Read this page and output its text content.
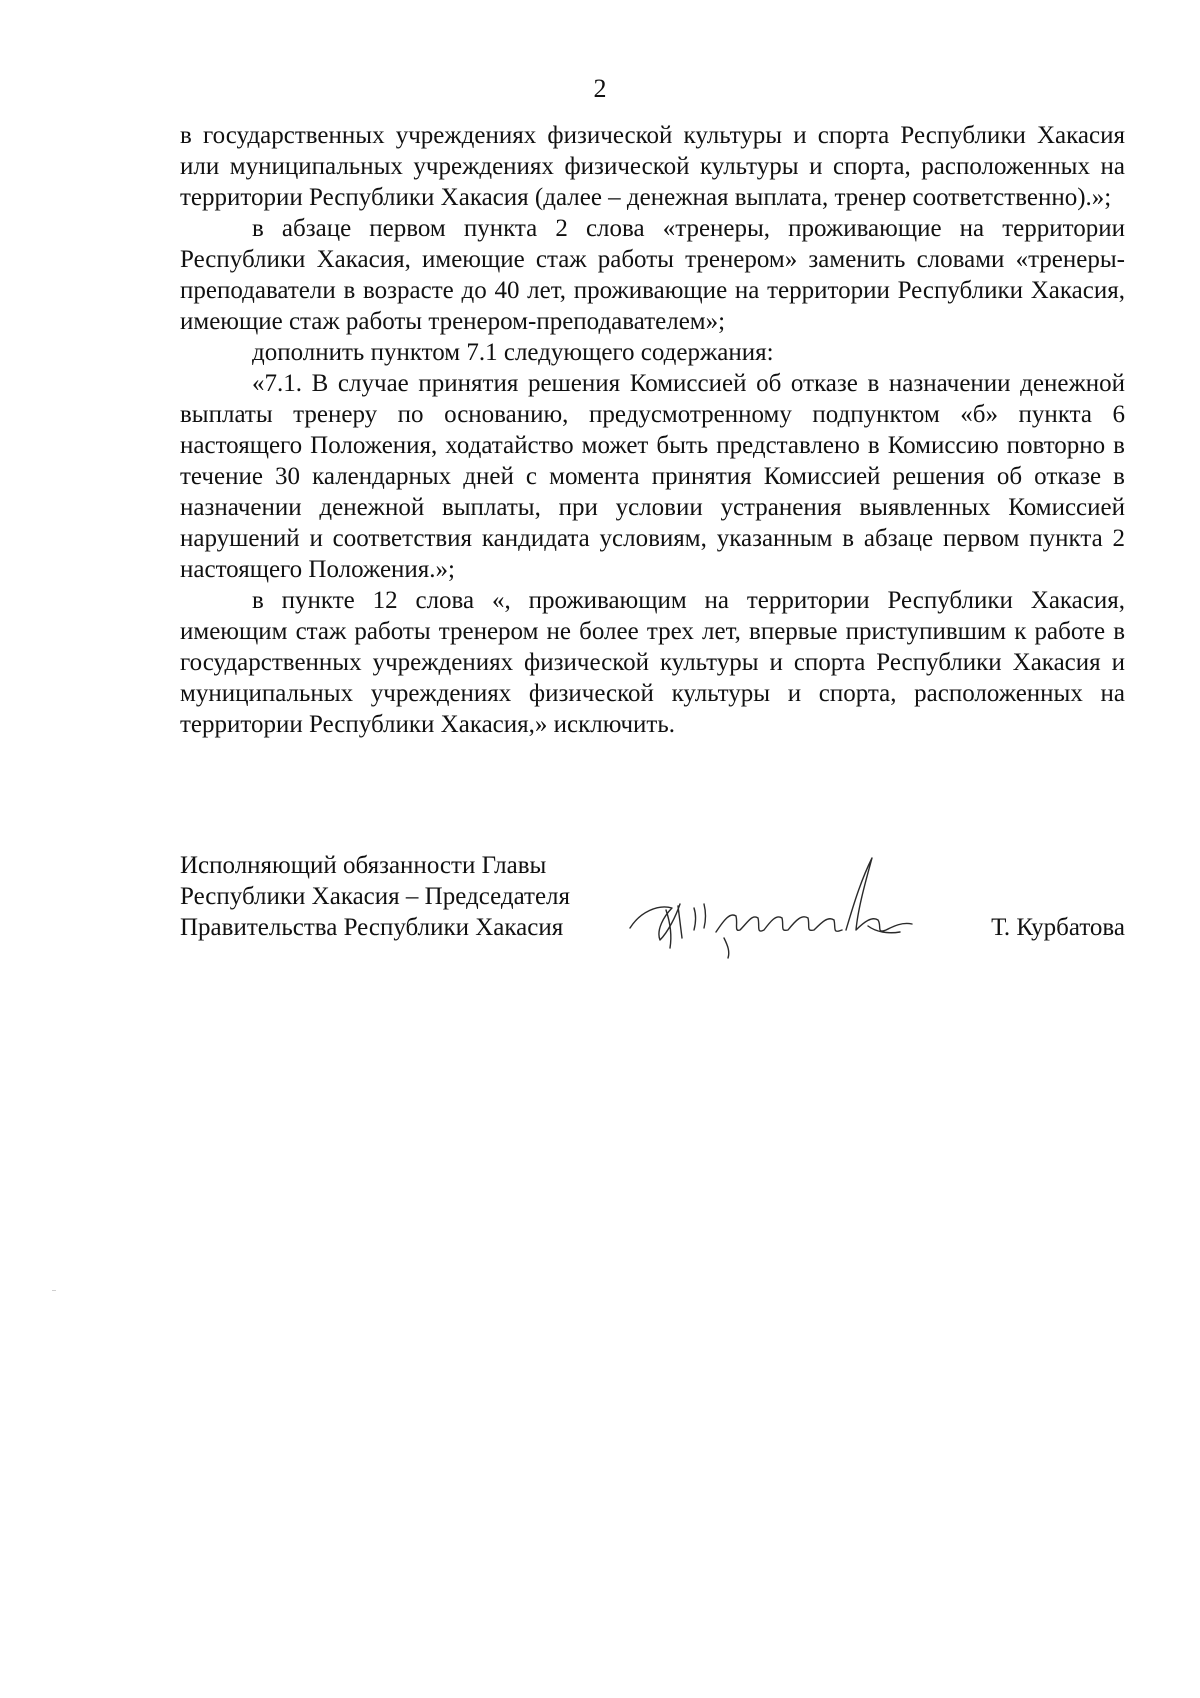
2

в государственных учреждениях физической культуры и спорта Республики Хакасия или муниципальных учреждениях физической культуры и спорта, расположенных на территории Республики Хакасия (далее – денежная выплата, тренер соответственно).»;

в абзаце первом пункта 2 слова «тренеры, проживающие на территории Республики Хакасия, имеющие стаж работы тренером» заменить словами «тренеры-преподаватели в возрасте до 40 лет, проживающие на территории Республики Хакасия, имеющие стаж работы тренером-преподавателем»;

дополнить пунктом 7.1 следующего содержания:

«7.1. В случае принятия решения Комиссией об отказе в назначении денежной выплаты тренеру по основанию, предусмотренному подпунктом «б» пункта 6 настоящего Положения, ходатайство может быть представлено в Комиссию повторно в течение 30 календарных дней с момента принятия Комиссией решения об отказе в назначении денежной выплаты, при условии устранения выявленных Комиссией нарушений и соответствия кандидата условиям, указанным в абзаце первом пункта 2 настоящего Положения.»;

в пункте 12 слова «, проживающим на территории Республики Хакасия, имеющим стаж работы тренером не более трех лет, впервые приступившим к работе в государственных учреждениях физической культуры и спорта Республики Хакасия и муниципальных учреждениях физической культуры и спорта, расположенных на территории Республики Хакасия,» исключить.

Исполняющий обязанности Главы
Республики Хакасия – Председателя
Правительства Республики Хакасия	Т. Курбатова
